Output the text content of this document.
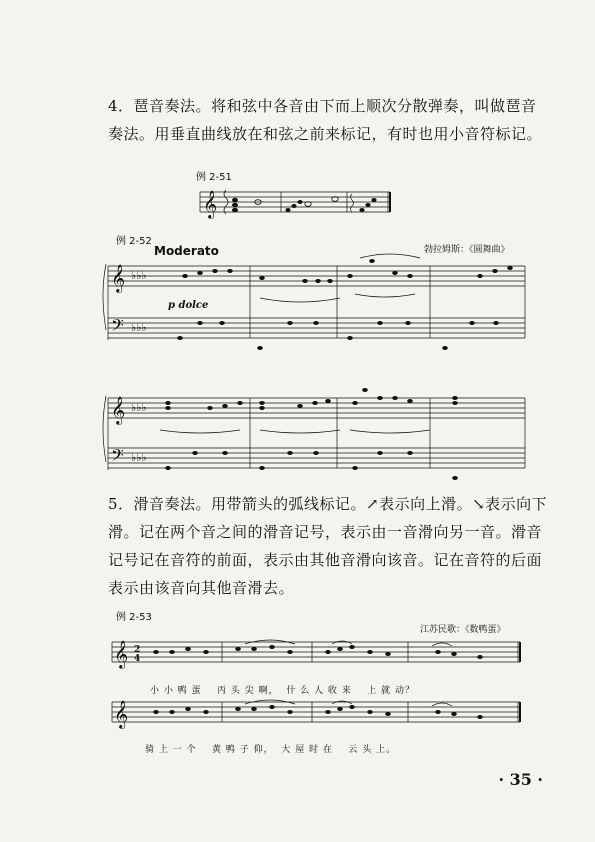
4．琶音奏法。将和弦中各音由下而上顺次分散弹奏，叫做琶音奏法。用垂直曲线放在和弦之前来标记，有时也用小音符标记。

例 2-51
例 2-52
Moderato	勃拉姆斯：《圆舞曲》
p dolce

5．滑音奏法。用带箭头的弧线标记。↗表示向上滑。↘表示向下滑。记在两个音之间的滑音记号，表示由一音滑向另一音。滑音记号记在音符的前面，表示由其他音滑向该音。记在音符的后面表示由该音向其他音滑去。

例 2-53
江苏民歌：《数鸭蛋》
小 小 鸭 蛋    丙 头 尖 啊，  什 么 人 收 来    上 就 动？
骑 上 一 个    黄 鸭 子 仰，  大 屋 时 在    云 头 上。
· 35 ·
𝄞
𝄞
𝄢
♭♭♭
♭♭♭
𝄞
𝄢
♭♭♭
♭♭♭
𝄞 2
4
𝄞
